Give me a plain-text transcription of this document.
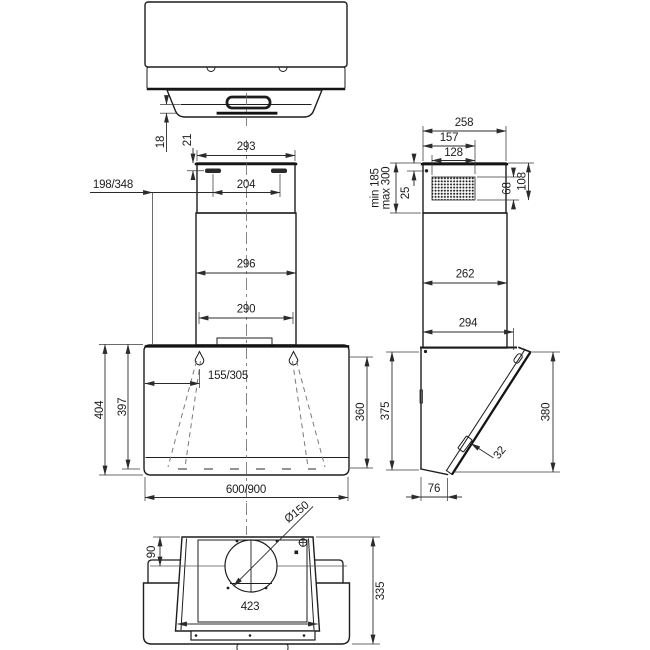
18 21
293
198/348	204
296
290
155/305
404 397	360
600/900
258
157
128
min 185 max 300 25	68 108
262
294
375	380
32
76
Ø150
90
423
335
